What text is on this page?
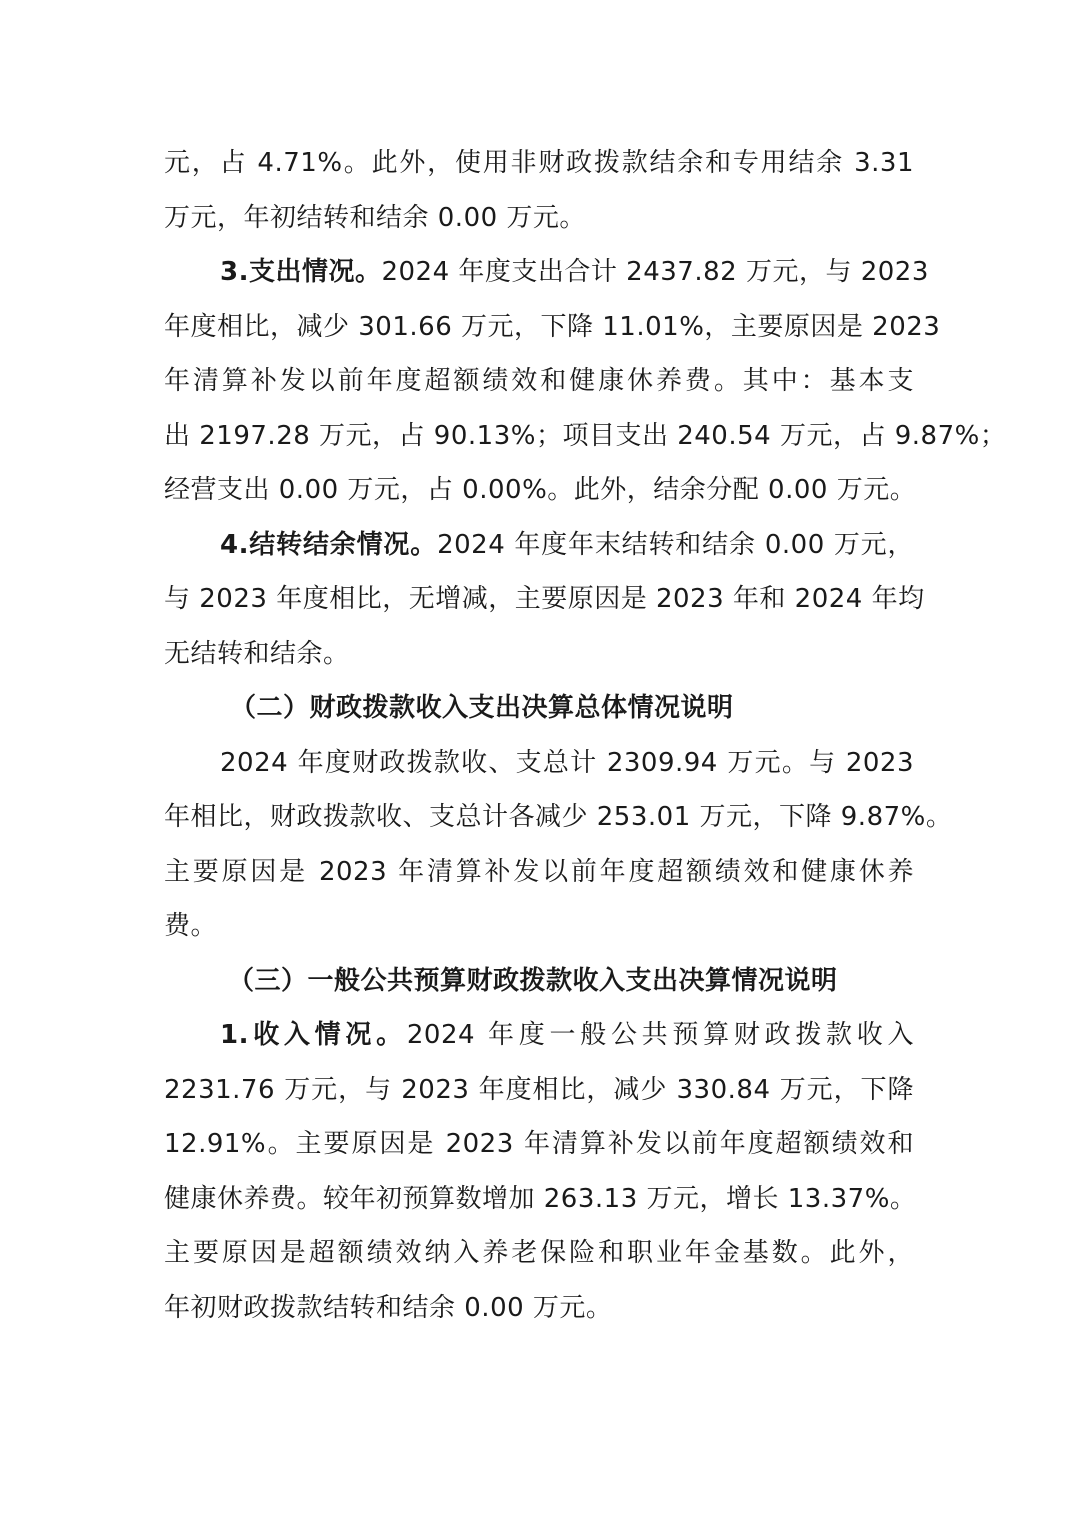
元，占 4.71%。此外，使用非财政拨款结余和专用结余 3.31
万元，年初结转和结余 0.00 万元。
3.支出情况。2024 年度支出合计 2437.82 万元，与 2023
年度相比，减少 301.66 万元，下降 11.01%，主要原因是 2023
年清算补发以前年度超额绩效和健康休养费。其中：基本支
出 2197.28 万元，占 90.13%；项目支出 240.54 万元，占 9.87%；
经营支出 0.00 万元，占 0.00%。此外，结余分配 0.00 万元。
4.结转结余情况。2024 年度年末结转和结余 0.00 万元，
与 2023 年度相比，无增减，主要原因是 2023 年和 2024 年均
无结转和结余。
（二）财政拨款收入支出决算总体情况说明
2024 年度财政拨款收、支总计 2309.94 万元。与 2023
年相比，财政拨款收、支总计各减少 253.01 万元，下降 9.87%。
主要原因是 2023 年清算补发以前年度超额绩效和健康休养
费。
（三）一般公共预算财政拨款收入支出决算情况说明
1.收入情况。2024 年度一般公共预算财政拨款收入
2231.76 万元，与 2023 年度相比，减少 330.84 万元，下降
12.91%。主要原因是 2023 年清算补发以前年度超额绩效和
健康休养费。较年初预算数增加 263.13 万元，增长 13.37%。
主要原因是超额绩效纳入养老保险和职业年金基数。此外，
年初财政拨款结转和结余 0.00 万元。
